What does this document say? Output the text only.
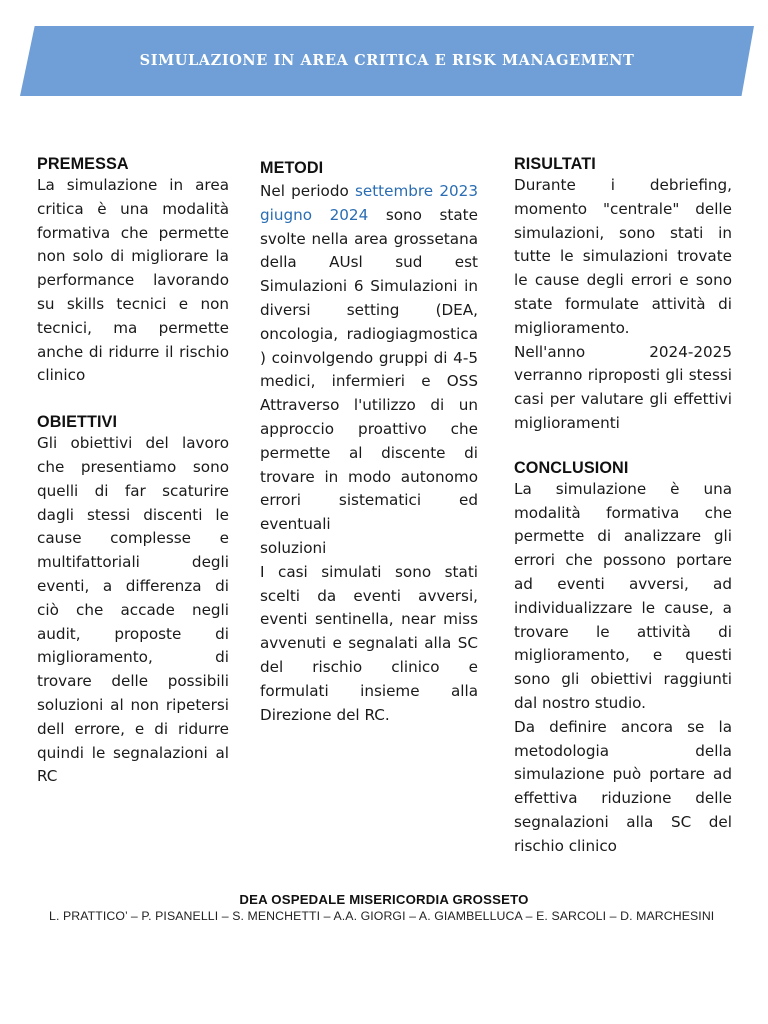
SIMULAZIONE IN AREA CRITICA E RISK MANAGEMENT
PREMESSA

La simulazione in area critica è una modalità formativa che permette non solo di migliorare la performance lavorando su skills tecnici e non tecnici, ma permette anche di ridurre il rischio clinico

OBIETTIVI

Gli obiettivi del lavoro che presentiamo sono quelli di far scaturire dagli stessi discenti le cause complesse e multifattoriali degli eventi, a differenza di ciò che accade negli audit, proposte di miglioramento, di trovare delle possibili soluzioni al non ripetersi dell errore, e di ridurre quindi le segnalazioni al RC

METODI

Nel periodo settembre 2023 giugno 2024 sono state svolte nella area grossetana della AUsl sud est Simulazioni 6 Simulazioni in diversi setting (DEA, oncologia, radiogiagmostica ) coinvolgendo gruppi di 4-5 medici, infermieri e OSS Attraverso l'utilizzo di un approccio proattivo che permette al discente di trovare in modo autonomo errori sistematici ed eventuali

soluzioni

I casi simulati sono stati scelti da eventi avversi, eventi sentinella, near miss avvenuti e segnalati alla SC del rischio clinico e formulati insieme alla Direzione del RC.

RISULTATI

Durante i debriefing, momento "centrale" delle simulazioni, sono stati in tutte le simulazioni trovate le cause degli errori e sono state formulate attività di miglioramento.

Nell'anno 2024-2025 verranno riproposti gli stessi casi per valutare gli effettivi miglioramenti

CONCLUSIONI

La simulazione è una modalità formativa che permette di analizzare gli errori che possono portare ad eventi avversi, ad individualizzare le cause, a trovare le attività di miglioramento, e questi sono gli obiettivi raggiunti dal nostro studio.

Da definire ancora se la metodologia della simulazione può portare ad effettiva riduzione delle segnalazioni alla SC del rischio clinico

DEA OSPEDALE MISERICORDIA GROSSETO
L. PRATTICO’ – P. PISANELLI – S. MENCHETTI – A.A. GIORGI – A. GIAMBELLUCA – E. SARCOLI – D. MARCHESINI
